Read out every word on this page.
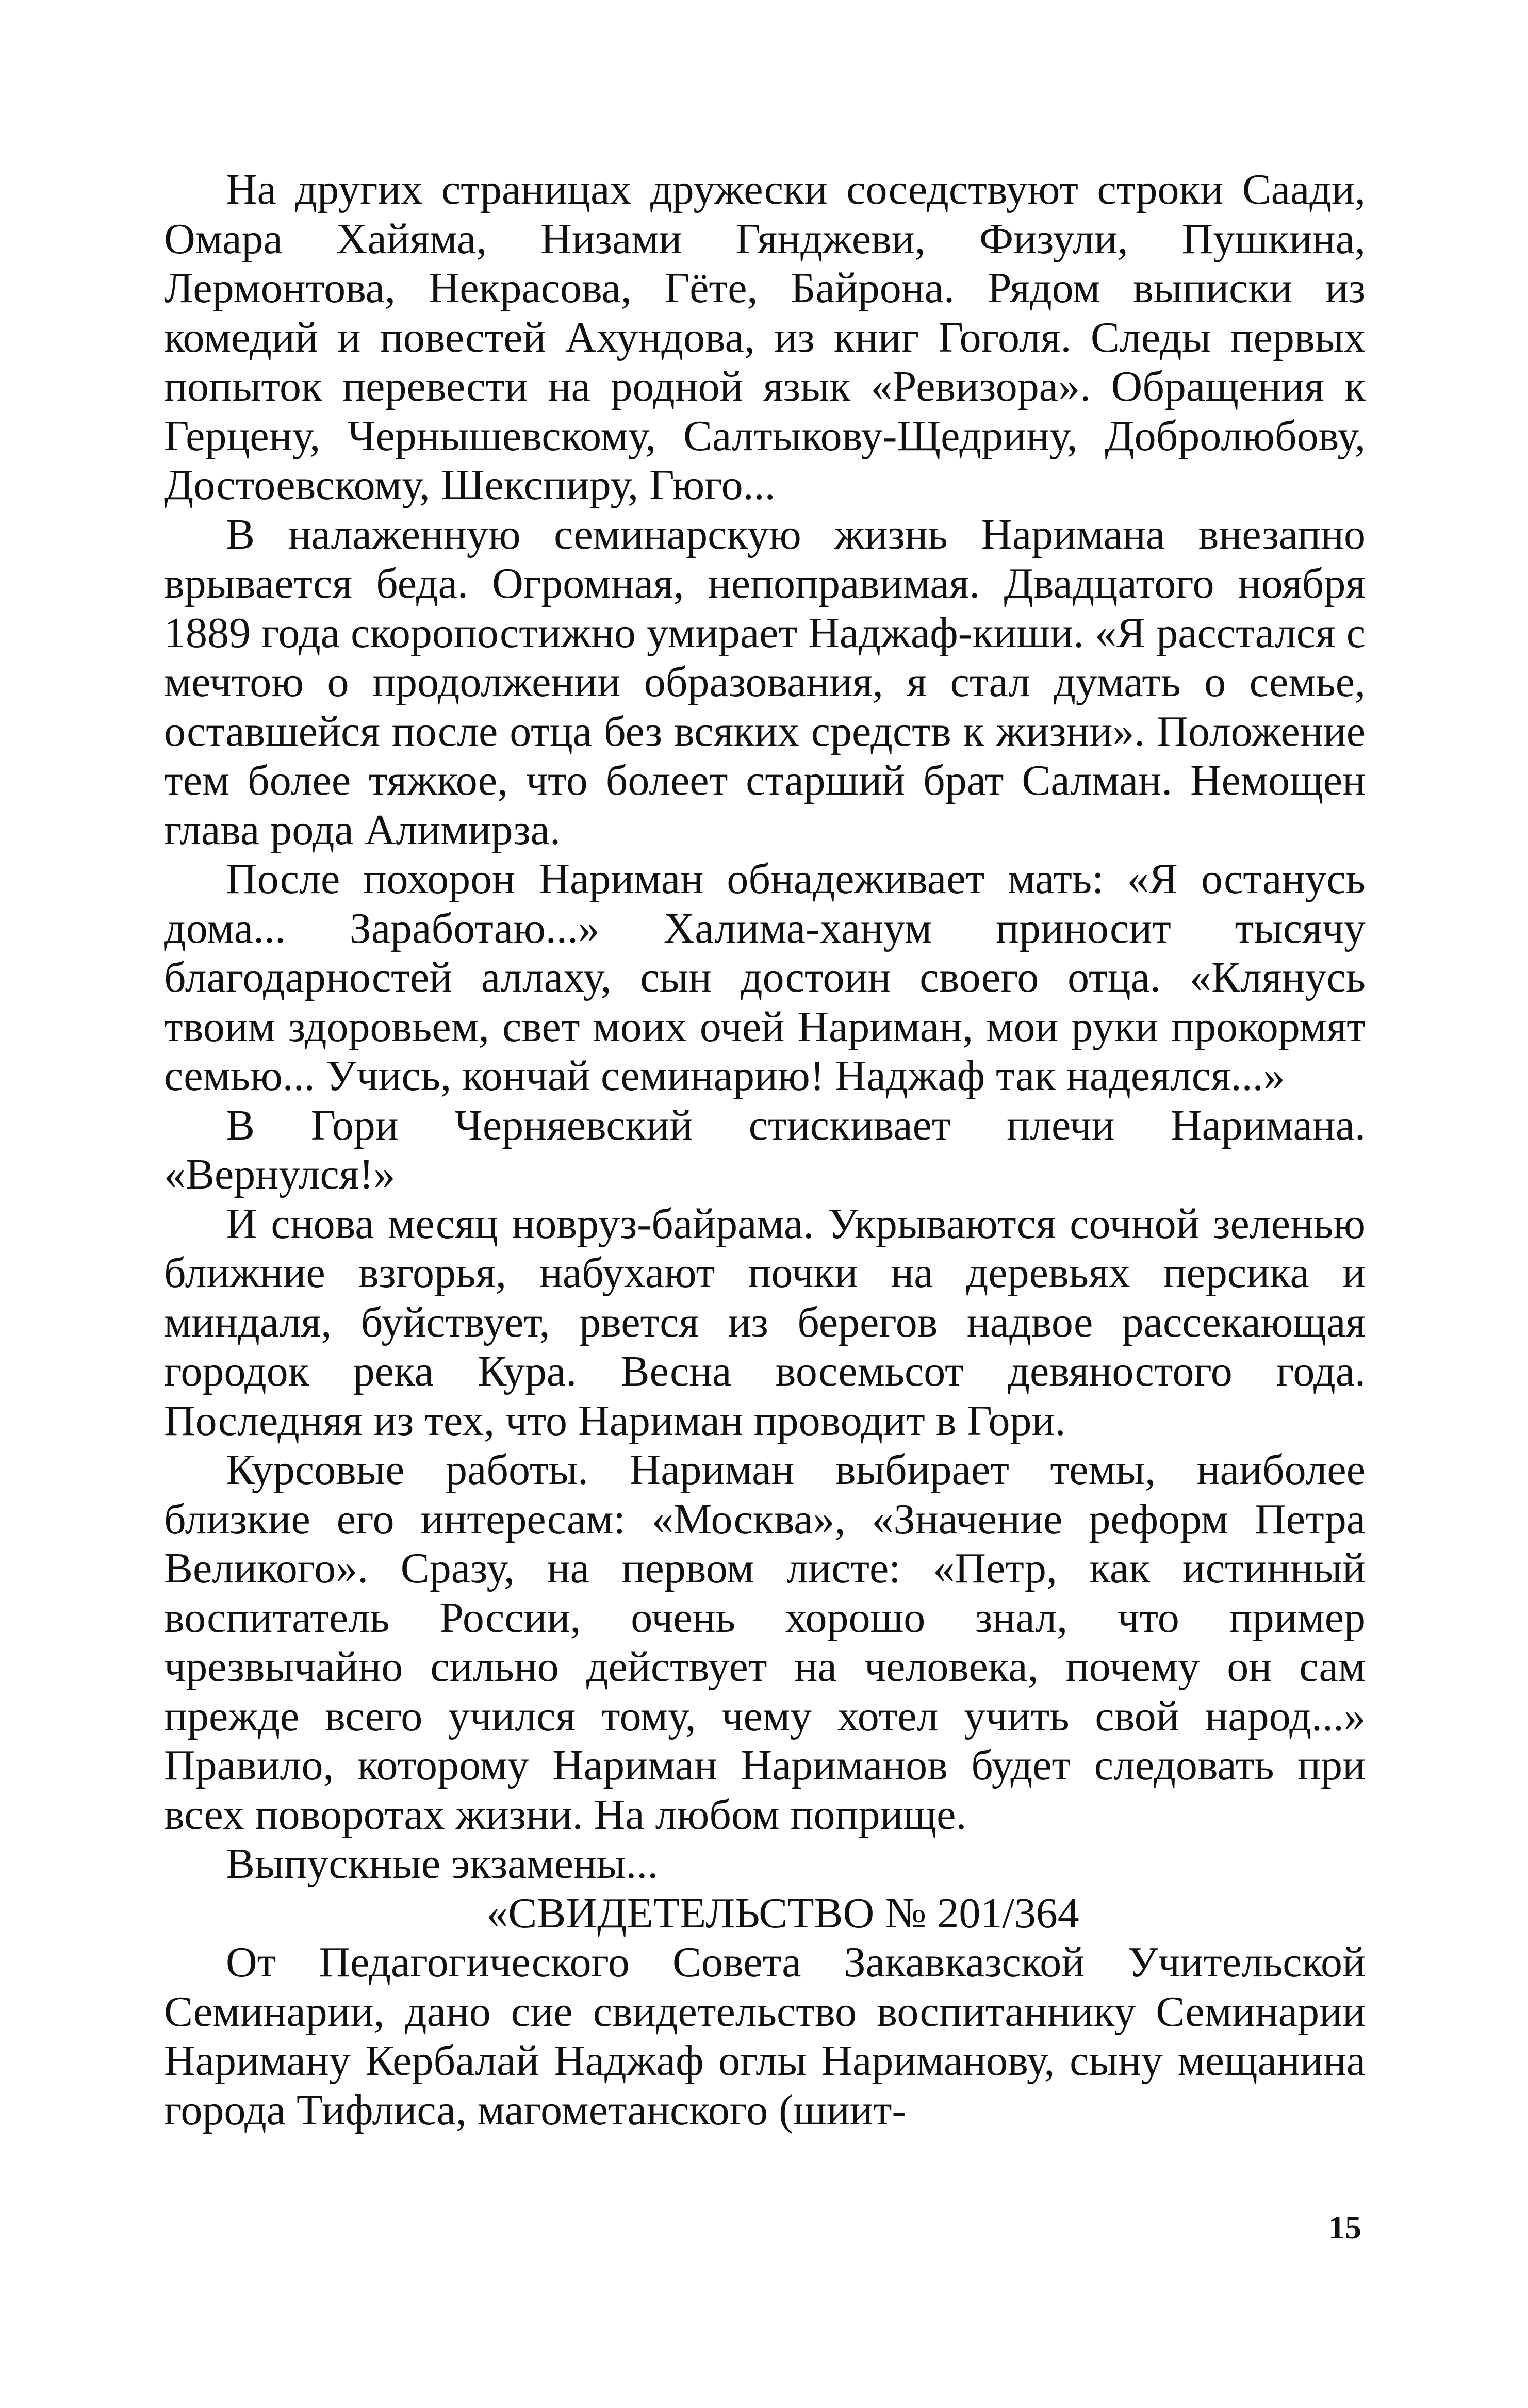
На других страницах дружески соседствуют строки Саади, Омара Хайяма, Низами Гянджеви, Физули, Пушкина, Лермонтова, Некрасова, Гёте, Байрона. Рядом выписки из комедий и повестей Ахундова, из книг Гоголя. Следы первых попыток перевести на родной язык «Ревизора». Обращения к Герцену, Чернышевскому, Салтыкову-Щедрину, Добролюбову, Достоевскому, Шекспиру, Гюго...

В налаженную семинарскую жизнь Наримана внезапно врывается беда. Огромная, непоправимая. Двадцатого ноября 1889 года скоропостижно умирает Наджаф-киши. «Я расстался с мечтою о продолжении образования, я стал думать о семье, оставшейся после отца без всяких средств к жизни». Положение тем более тяжкое, что болеет старший брат Салман. Немощен глава рода Алимирза.

После похорон Нариман обнадеживает мать: «Я останусь дома... Заработаю...» Халима-ханум приносит тысячу благодарностей аллаху, сын достоин своего отца. «Клянусь твоим здоровьем, свет моих очей Нариман, мои руки прокормят семью... Учись, кончай семинарию! Наджаф так надеялся...»

В Гори Черняевский стискивает плечи Наримана. «Вернулся!»

И снова месяц новруз-байрама. Укрываются сочной зеленью ближние взгорья, набухают почки на деревьях персика и миндаля, буйствует, рвется из берегов надвое рассекающая городок река Кура. Весна восемьсот девяностого года. Последняя из тех, что Нариман проводит в Гори.

Курсовые работы. Нариман выбирает темы, наиболее близкие его интересам: «Москва», «Значение реформ Петра Великого». Сразу, на первом листе: «Петр, как истинный воспитатель России, очень хорошо знал, что пример чрезвычайно сильно действует на человека, почему он сам прежде всего учился тому, чему хотел учить свой народ...» Правило, которому Нариман Нариманов будет следовать при всех поворотах жизни. На любом поприще.

Выпускные экзамены...

«СВИДЕТЕЛЬСТВО № 201/364

От Педагогического Совета Закавказской Учительской Семинарии, дано сие свидетельство воспитаннику Семинарии Нариману Кербалай Наджаф оглы Нариманову, сыну мещанина города Тифлиса, магометанского (шиит-

15
